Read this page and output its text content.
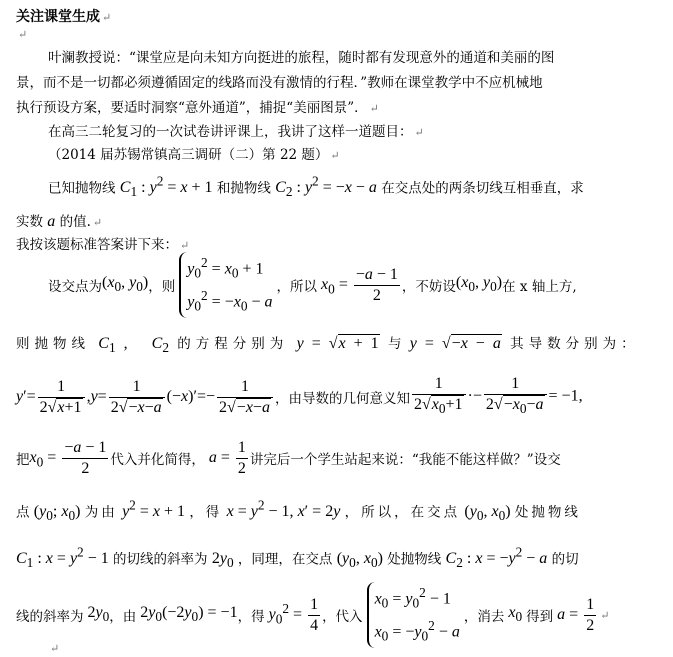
关注课堂生成 ↵
↵
叶澜教授说：“课堂应是向未知方向挺进的旅程，随时都有发现意外的通道和美丽的图
景，而不是一切都必须遵循固定的线路而没有激情的行程．”教师在课堂教学中不应机械地
执行预设方案，要适时洞察“意外通道”，捕捉“美丽图景”． ↵
在高三二轮复习的一次试卷讲评课上，我讲了这样一道题目： ↵
（2014 届苏锡常镇高三调研（二）第 22 题） ↵
已知抛物线 $C_1$ : $y^2 = x + 1$ 和抛物线 $C_2$ : $y^2 = -x - a$ 在交点处的两条切线互相垂直，求
实数 a 的值. ↵
我按该题标准答案讲下来： ↵
设交点为 ($x_0$, $y_0$) ，则
$y_0^2 = x_0 + 1$
$y_0^2 = -x_0 - a$
，所以 $x_0 = \frac{-a - 1}{2}$ ，不妨设 ($x_0$, $y_0$) 在 x 轴上方,
则抛物线 $C_1$ ,   $C_2$ 的方程分别为 y = √x + 1 与 y = √−x − a 其导数分别为：
$y'= \frac{1}{2√x+1} ,y= \frac{1}{2√-x-a} (-x)'=- \frac{1}{2√-x-a}$ ，由导数的几何意义知 $\frac{1}{2√x_0+1} \cdot- \frac{1}{2√-x_0-a} = -1$,
把 $x_0 = \frac{-a - 1}{2}$ 代入并化简得， $a = \frac{1}{2}$ 讲完后一个学生站起来说：“我能不能这样做？”设交
点 ($y_0$; $x_0$) 为由 $y^2 = x + 1$ ，得 $x = y^2 - 1$, x′ = 2y ，所以，在交点 ($y_0$, $x_0$) 处抛物线
$C_1$ : $x = y^2 - 1$ 的切线的斜率为 $2y_0$ ，同理，在交点 ($y_0$, $x_0$) 处抛物线 $C_2$ : $x = -y^2 - a$ 的切
线的斜率为 $2y_0$ ，由 $2y_0(-2y_0) = -1$ ，得 $y_0^2 = \frac{1}{4}$ ，代入
$x_0 = y_0^2 - 1$
$x_0 = -y_0^2 - a$
，消去 $x_0$ 得到 $a = \frac{1}{2}$ ↵
↵
